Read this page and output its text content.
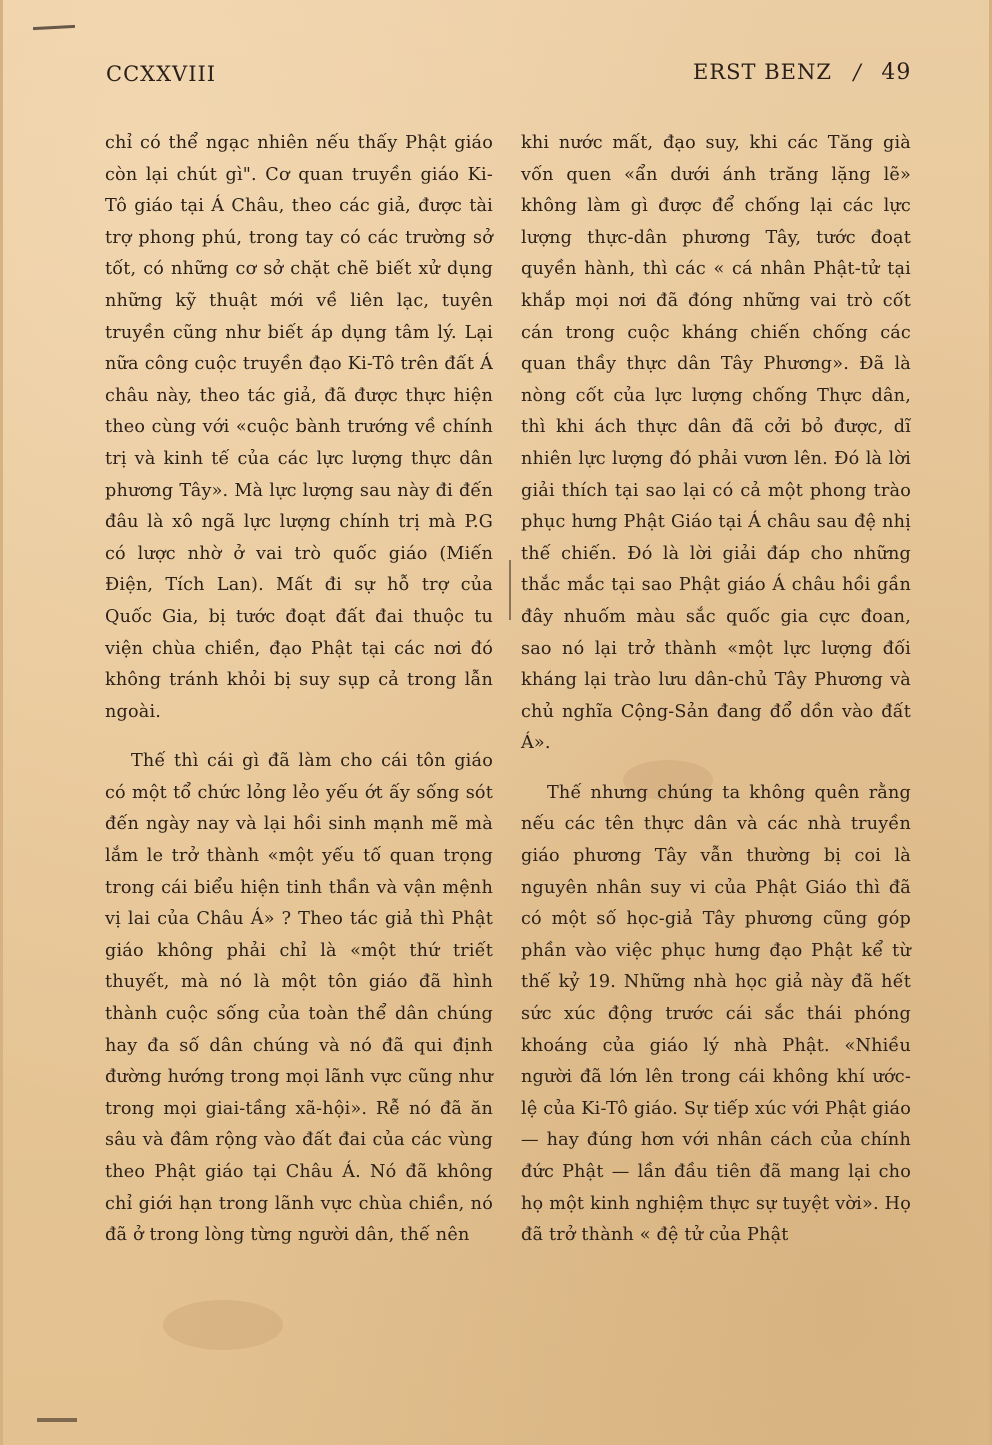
CCXXVIII	ERST BENZ / 49

chỉ có thể ngạc nhiên nếu thấy Phật giáo còn lại chút gì". Cơ quan truyền giáo Ki-Tô giáo tại Á Châu, theo các giả, được tài trợ phong phú, trong tay có các trường sở tốt, có những cơ sở chặt chẽ biết xử dụng những kỹ thuật mới về liên lạc, tuyên truyền cũng như biết áp dụng tâm lý. Lại nữa công cuộc truyền đạo Ki-Tô trên đất Á châu này, theo tác giả, đã được thực hiện theo cùng với «cuộc bành trướng về chính trị và kinh tế của các lực lượng thực dân phương Tây». Mà lực lượng sau này đi đến đâu là xô ngã lực lượng chính trị mà P.G có lược nhờ ở vai trò quốc giáo (Miến Điện, Tích Lan). Mất đi sự hỗ trợ của Quốc Gia, bị tước đoạt đất đai thuộc tu viện chùa chiền, đạo Phật tại các nơi đó không tránh khỏi bị suy sụp cả trong lẫn ngoài.

Thế thì cái gì đã làm cho cái tôn giáo có một tổ chức lỏng lẻo yếu ớt ấy sống sót đến ngày nay và lại hồi sinh mạnh mẽ mà lắm le trở thành «một yếu tố quan trọng trong cái biểu hiện tinh thần và vận mệnh vị lai của Châu Á» ? Theo tác giả thì Phật giáo không phải chỉ là «một thứ triết thuyết, mà nó là một tôn giáo đã hình thành cuộc sống của toàn thể dân chúng hay đa số dân chúng và nó đã qui định đường hướng trong mọi lãnh vực cũng như trong mọi giai-tầng xã-hội». Rễ nó đã ăn sâu và đâm rộng vào đất đai của các vùng theo Phật giáo tại Châu Á. Nó đã không chỉ giới hạn trong lãnh vực chùa chiền, nó đã ở trong lòng từng người dân, thế nên

khi nước mất, đạo suy, khi các Tăng già vốn quen «ẩn dưới ánh trăng lặng lẽ» không làm gì được để chống lại các lực lượng thực-dân phương Tây, tước đoạt quyền hành, thì các « cá nhân Phật-tử tại khắp mọi nơi đã đóng những vai trò cốt cán trong cuộc kháng chiến chống các quan thầy thực dân Tây Phương». Đã là nòng cốt của lực lượng chống Thực dân, thì khi ách thực dân đã cởi bỏ được, dĩ nhiên lực lượng đó phải vươn lên. Đó là lời giải thích tại sao lại có cả một phong trào phục hưng Phật Giáo tại Á châu sau đệ nhị thế chiến. Đó là lời giải đáp cho những thắc mắc tại sao Phật giáo Á châu hồi gần đây nhuốm màu sắc quốc gia cực đoan, sao nó lại trở thành «một lực lượng đối kháng lại trào lưu dân-chủ Tây Phương và chủ nghĩa Cộng-Sản đang đổ dồn vào đất Á».

Thế nhưng chúng ta không quên rằng nếu các tên thực dân và các nhà truyền giáo phương Tây vẫn thường bị coi là nguyên nhân suy vi của Phật Giáo thì đã có một số học-giả Tây phương cũng góp phần vào việc phục hưng đạo Phật kể từ thế kỷ 19. Những nhà học giả này đã hết sức xúc động trước cái sắc thái phóng khoáng của giáo lý nhà Phật. «Nhiều người đã lớn lên trong cái không khí ước-lệ của Ki-Tô giáo. Sự tiếp xúc với Phật giáo — hay đúng hơn với nhân cách của chính đức Phật — lần đầu tiên đã mang lại cho họ một kinh nghiệm thực sự tuyệt vời». Họ đã trở thành « đệ tử của Phật
